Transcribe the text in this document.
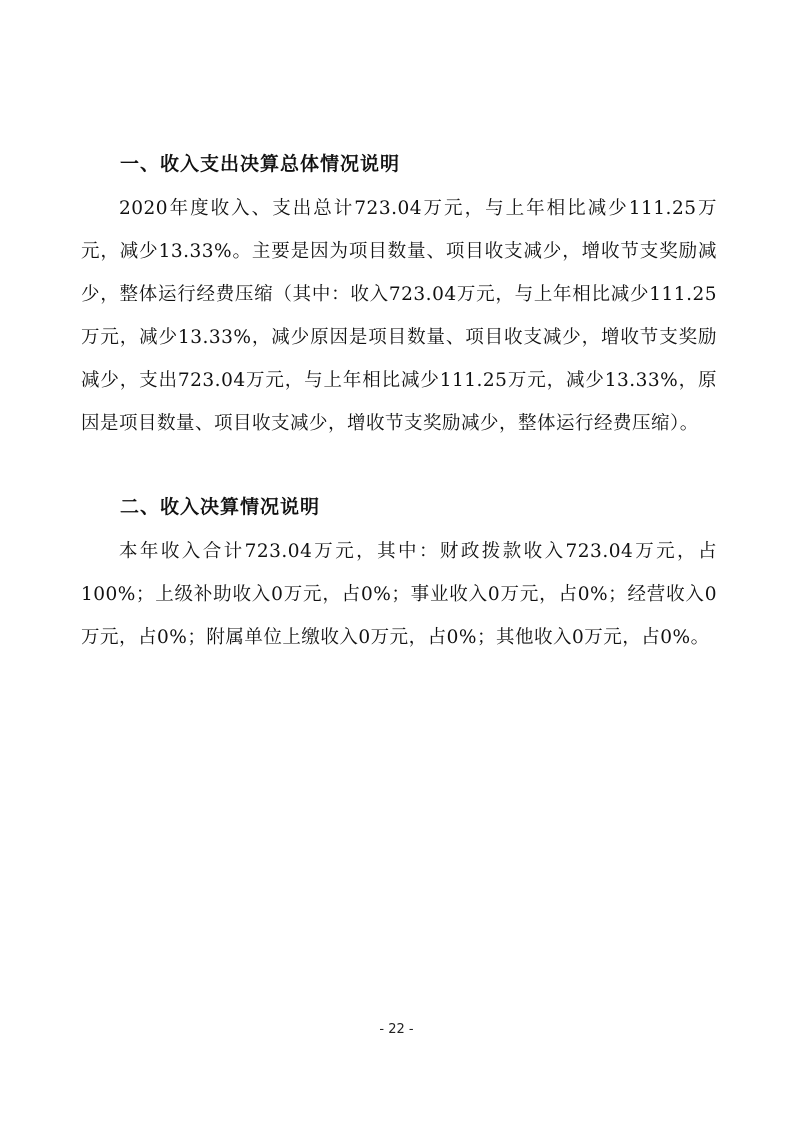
一、收入支出决算总体情况说明
2020年度收入、支出总计723.04万元，与上年相比减少111.25万元，减少13.33%。主要是因为项目数量、项目收支减少，增收节支奖励减少，整体运行经费压缩（其中：收入723.04万元，与上年相比减少111.25万元，减少13.33%，减少原因是项目数量、项目收支减少，增收节支奖励减少，支出723.04万元，与上年相比减少111.25万元，减少13.33%，原因是项目数量、项目收支减少，增收节支奖励减少，整体运行经费压缩）。
二、收入决算情况说明
本年收入合计723.04万元，其中：财政拨款收入723.04万元，占100%；上级补助收入0万元，占0%；事业收入0万元，占0%；经营收入0万元，占0%；附属单位上缴收入0万元，占0%；其他收入0万元，占0%。
- 22 -
